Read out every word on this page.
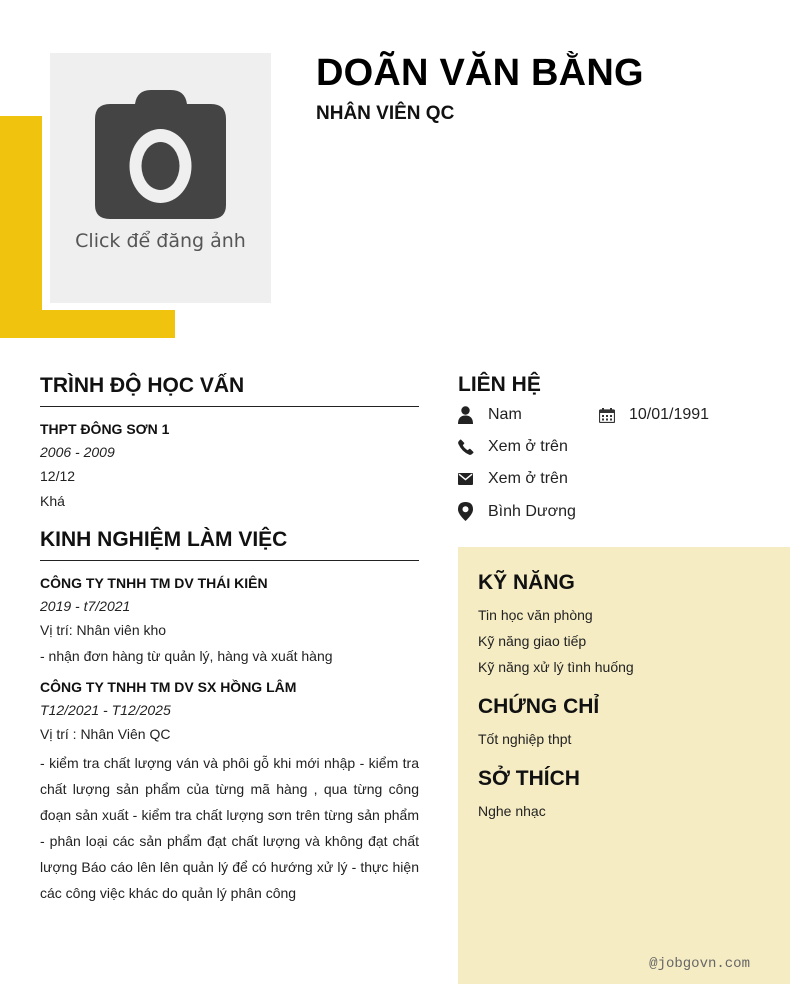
Click để đăng ảnh
DOÃN VĂN BẰNG
NHÂN VIÊN QC
TRÌNH ĐỘ HỌC VẤN
THPT ĐÔNG SƠN 1
2006 - 2009
12/12
Khá
KINH NGHIỆM LÀM VIỆC
CÔNG TY TNHH TM DV THÁI KIÊN
2019 - t7/2021
Vị trí: Nhân viên kho
- nhận đơn hàng từ quản lý, hàng và xuất hàng
CÔNG TY TNHH TM DV SX HỒNG LÂM
T12/2021 - T12/2025
Vị trí : Nhân Viên QC
- kiểm tra chất lượng ván và phôi gỗ khi mới nhập - kiểm tra chất lượng sản phẩm của từng mã hàng , qua từng công đoạn sản xuất - kiểm tra chất lượng sơn trên từng sản phẩm - phân loại các sản phẩm đạt chất lượng và không đạt chất lượng Báo cáo lên lên quản lý để có hướng xử lý - thực hiện các công việc khác do quản lý phân công
LIÊN HỆ
Nam	10/01/1991
Xem ở trên
Xem ở trên
Bình Dương
KỸ NĂNG
Tin học văn phòng
Kỹ năng giao tiếp
Kỹ năng xử lý tình huống
CHỨNG CHỈ
Tốt nghiệp thpt
SỞ THÍCH
Nghe nhạc
@jobgovn.com
